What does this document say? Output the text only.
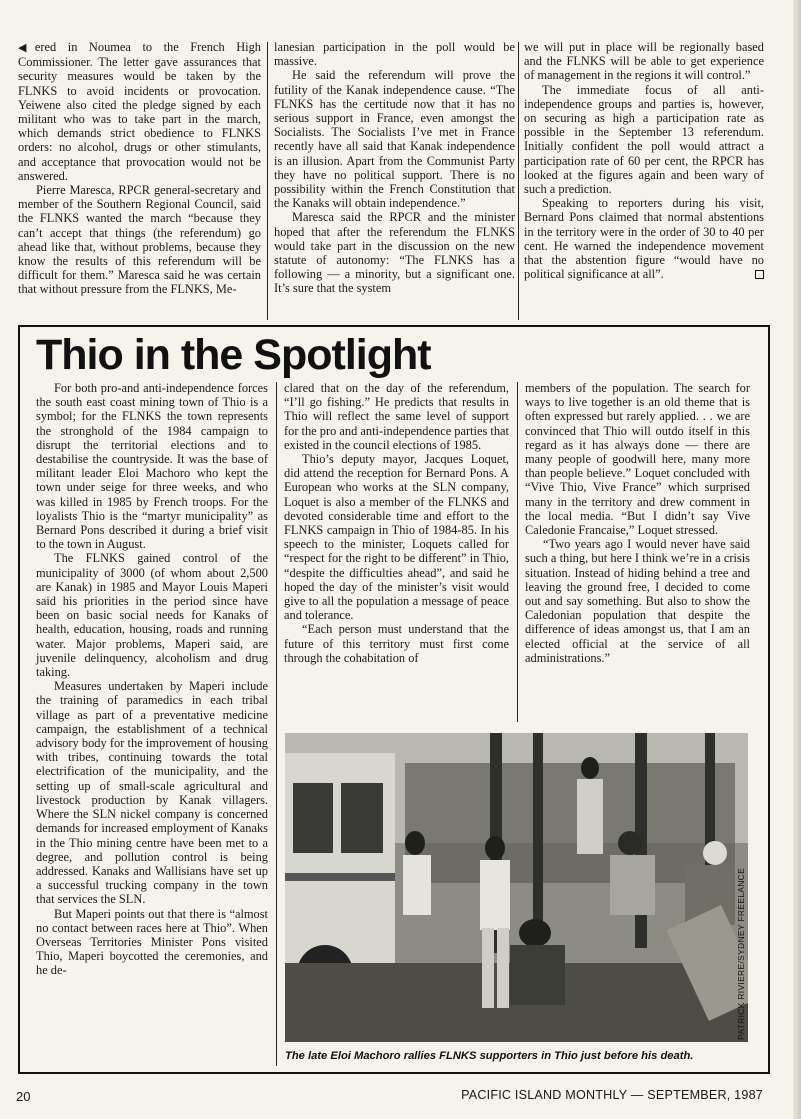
◀ered in Noumea to the French High Commissioner. The letter gave assurances that security measures would be taken by the FLNKS to avoid incidents or provocation. Yeiwene also cited the pledge signed by each militant who was to take part in the march, which demands strict obedience to FLNKS orders: no alcohol, drugs or other stimulants, and acceptance that provocation would not be answered.

Pierre Maresca, RPCR general-secretary and member of the Southern Regional Council, said the FLNKS wanted the march “because they can’t accept that things (the referendum) go ahead like that, without problems, because they know the results of this referendum will be difficult for them.” Maresca said he was certain that without pressure from the FLNKS, Me-

lanesian participation in the poll would be massive.

He said the referendum will prove the futility of the Kanak independence cause. “The FLNKS has the certitude now that it has no serious support in France, even amongst the Socialists. The Socialists I’ve met in France recently have all said that Kanak independence is an illusion. Apart from the Communist Party they have no political support. There is no possibility within the French Constitution that the Kanaks will obtain independence.”

Maresca said the RPCR and the minister hoped that after the referendum the FLNKS would take part in the discussion on the new statute of autonomy: “The FLNKS has a following — a minority, but a significant one. It’s sure that the system

we will put in place will be regionally based and the FLNKS will be able to get experience of management in the regions it will control.”

The immediate focus of all anti-independence groups and parties is, however, on securing as high a participation rate as possible in the September 13 referendum. Initially confident the poll would attract a participation rate of 60 per cent, the RPCR has looked at the figures again and been wary of such a prediction.

Speaking to reporters during his visit, Bernard Pons claimed that normal abstentions in the territory were in the order of 30 to 40 per cent. He warned the independence movement that the abstention figure “would have no political significance at all”.

Thio in the Spotlight

For both pro-and anti-independence forces the south east coast mining town of Thio is a symbol; for the FLNKS the town represents the stronghold of the 1984 campaign to disrupt the territorial elections and to destabilise the countryside. It was the base of militant leader Eloi Machoro who kept the town under seige for three weeks, and who was killed in 1985 by French troops. For the loyalists Thio is the “martyr municipality” as Bernard Pons described it during a brief visit to the town in August.

The FLNKS gained control of the municipality of 3000 (of whom about 2,500 are Kanak) in 1985 and Mayor Louis Maperi said his priorities in the period since have been on basic social needs for Kanaks of health, education, housing, roads and running water. Major problems, Maperi said, are juvenile delinquency, alcoholism and drug taking.

Measures undertaken by Maperi include the training of paramedics in each tribal village as part of a preventative medicine campaign, the establishment of a technical advisory body for the improvement of housing with tribes, continuing towards the total electrification of the municipality, and the setting up of small-scale agricultural and livestock production by Kanak villagers. Where the SLN nickel company is concerned demands for increased employment of Kanaks in the Thio mining centre have been met to a degree, and pollution control is being addressed. Kanaks and Wallisians have set up a successful trucking company in the town that services the SLN.

But Maperi points out that there is “almost no contact between races here at Thio”. When Overseas Territories Minister Pons visited Thio, Maperi boycotted the ceremonies, and he de-

clared that on the day of the referendum, “I’ll go fishing.” He predicts that results in Thio will reflect the same level of support for the pro and anti-independence parties that existed in the council elections of 1985.

Thio’s deputy mayor, Jacques Loquet, did attend the reception for Bernard Pons. A European who works at the SLN company, Loquet is also a member of the FLNKS and devoted considerable time and effort to the FLNKS campaign in Thio of 1984-85. In his speech to the minister, Loquets called for “respect for the right to be different” in Thio, “despite the difficulties ahead”, and said he hoped the day of the minister’s visit would give to all the population a message of peace and tolerance.

“Each person must understand that the future of this territory must first come through the cohabitation of

members of the population. The search for ways to live together is an old theme that is often expressed but rarely applied. . . we are convinced that Thio will outdo itself in this regard as it has always done — there are many people of goodwill here, many more than people believe.” Loquet concluded with “Vive Thio, Vive France” which surprised many in the territory and drew comment in the local media. “But I didn’t say Vive Caledonie Francaise,” Loquet stressed.

“Two years ago I would never have said such a thing, but here I think we’re in a crisis situation. Instead of hiding behind a tree and leaving the ground free, I decided to come out and say something. But also to show the Caledonian population that despite the difference of ideas amongst us, that I am an elected official at the service of all administrations.”

PATRICK RIVIERE/SYDNEY FREELANCE
The late Eloi Machoro rallies FLNKS supporters in Thio just before his death.
20	PACIFIC ISLAND MONTHLY — SEPTEMBER, 1987
